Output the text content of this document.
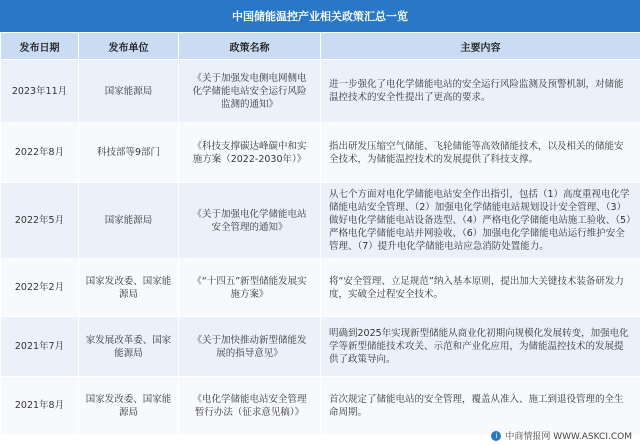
中国储能温控产业相关政策汇总一览
发布日期	发布单位	政策名称	主要内容
2023年11月	国家能源局	《关于加强发电侧电网侧电化学储能电站安全运行风险监测的通知》	进一步强化了电化学储能电站的安全运行风险监测及预警机制，对储能温控技术的安全性提出了更高的要求。
2022年8月	科技部等9部门	《科技支撑碳达峰碳中和实施方案（2022-2030年）》	指出研发压缩空气储能、飞轮储能等高效储能技术，以及相关的储能安全技术，为储能温控技术的发展提供了科技支撑。
2022年5月	国家能源局	《关于加强电化学储能电站安全管理的通知》	从七个方面对电化学储能电站安全作出指引，包括（1）高度重视电化学储能电站安全管理、（2）加强电化学储能电站规划设计安全管理、（3）做好电化学储能电站设备选型、（4）严格电化学储能电站施工验收、（5）严格电化学储能电站并网验收、（6）加强电化学储能电站运行维护安全管理、（7）提升电化学储能电站应急消防处置能力。
2022年2月	国家发改委、国家能源局	《“十四五”新型储能发展实施方案》	将“安全管理、立足规范”纳入基本原则，提出加大关键技术装备研发力度，实破全过程安全技术。
2021年7月	家发展改革委、国家能源局	《关于加快推动新型储能发展的指导意见》	明确到2025年实现新型储能从商业化初期向规模化发展转变，加强电化学等新型储能技术攻关、示范和产业化应用，为储能温控技术的发展提供了政策导向。
2021年8月	国家发改委、国家能源局	《电化学储能电站安全管理暂行办法（征求意见稿）》	首次规定了储能电站的安全管理，覆盖从准入、施工到退役管理的全生命周期。
i 中商情报网 WWW.ASKCI.COM
